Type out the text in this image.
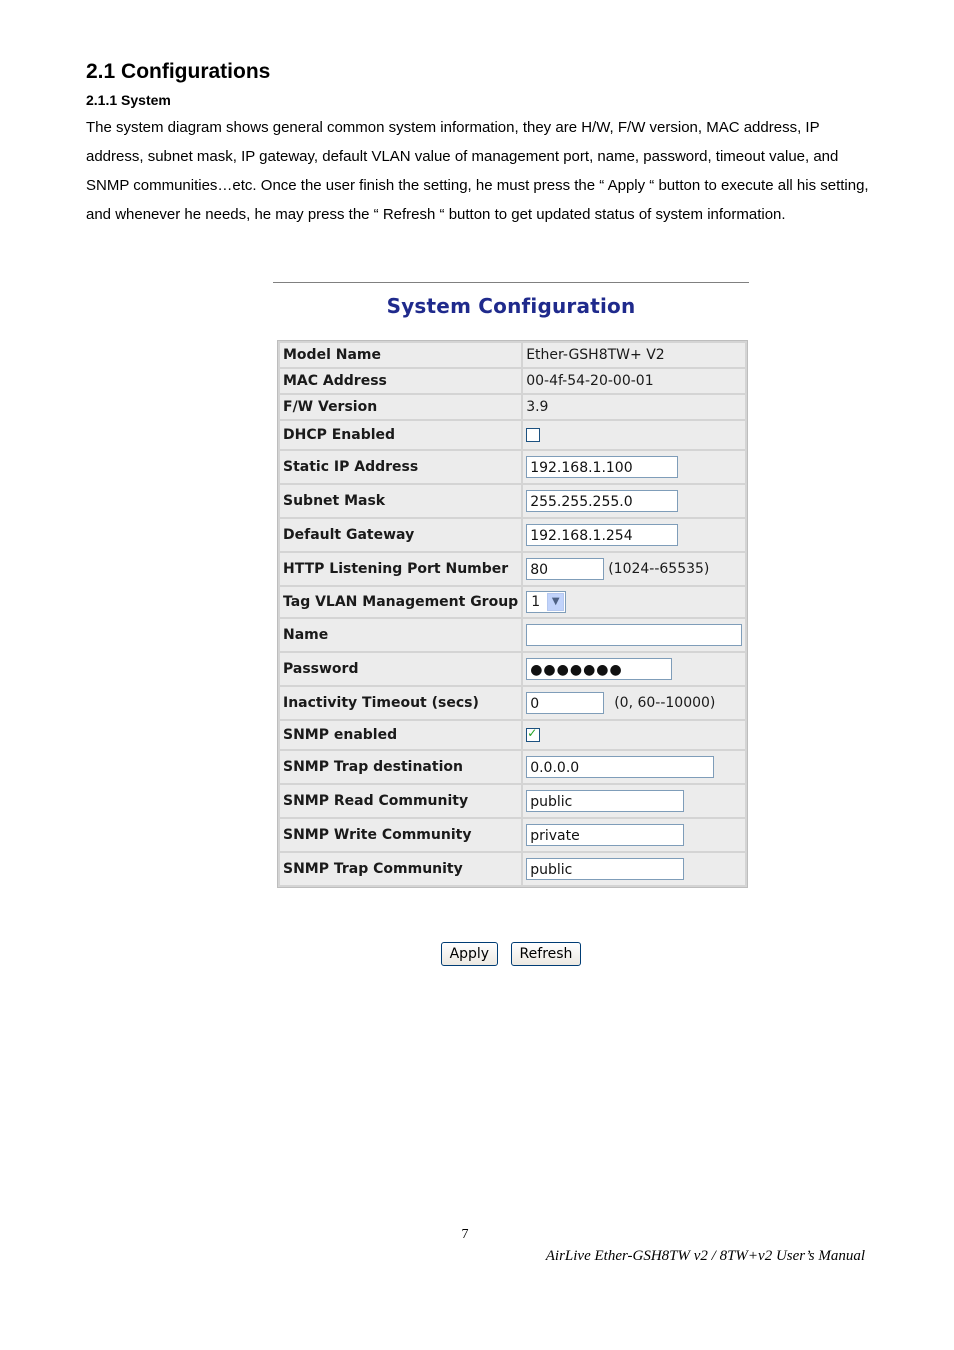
2.1 Configurations
2.1.1 System

The system diagram shows general common system information, they are H/W, F/W version, MAC address, IP address, subnet mask, IP gateway, default VLAN value of management port, name, password, timeout value, and SNMP communities…etc. Once the user finish the setting, he must press the “ Apply “ button to execute all his setting, and whenever he needs, he may press the “ Refresh “ button to get updated status of system information.

System Configuration
Model Name	Ether-GSH8TW+ V2
MAC Address	00-4f-54-20-00-01
F/W Version	3.9
DHCP Enabled	
Static IP Address	192.168.1.100
Subnet Mask	255.255.255.0
Default Gateway	192.168.1.254
HTTP Listening Port Number	80 (1024--65535)
Tag VLAN Management Group	1 ▼

Name	
Password	●●●●●●●
Inactivity Timeout (secs)	0 (0, 60--10000)
SNMP enabled	✓

SNMP Trap destination	0.0.0.0
SNMP Read Community	public
SNMP Write Community	private
SNMP Trap Community	public
Apply Refresh
7
AirLive Ether-GSH8TW v2 / 8TW+v2 User’s Manual
